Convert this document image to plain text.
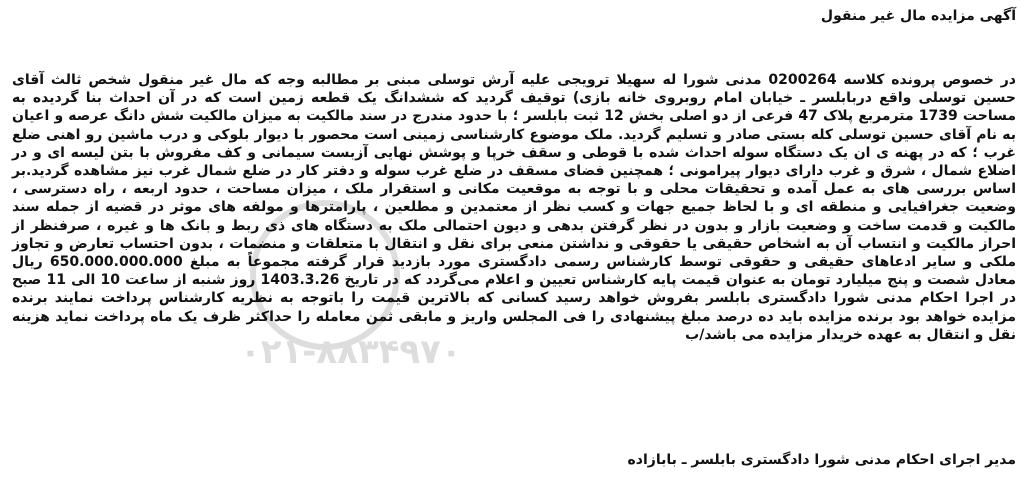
آگهی مزایده مال غیر منقول
در خصوص پرونده کلاسه 0200264 مدنی شورا له سهیلا ترویجی علیه آرش توسلی مبنی بر مطالبه وجه که مال غیر منقول شخص ثالث آقای حسین توسلی واقع دربابلسر ـ خیابان امام روبروی خانه بازی) توقیف گردید که ششدانگ یک قطعه زمین است که در آن احداث بنا گردیده به مساحت 1739 مترمربع پلاک 47 فرعی از دو اصلی بخش 12 ثبت بابلسر ؛ با حدود مندرج در سند مالکیت به میزان مالکیت شش دانگ عرصه و اعیان به نام آقای حسین توسلی کله بستی صادر و تسلیم گردید. ملک موضوع کارشناسی زمینی است محصور با دیوار بلوکی و درب ماشین رو اهنی ضلع غرب ؛ که در پهنه ی ان یک دستگاه سوله احداث شده با قوطی و سقف خرپا و پوشش نهایی آزبست سیمانی و کف مفروش با بتن لیسه ای و در اضلاع شمال ، شرق و غرب دارای دیوار پیرامونی ؛ همچنین فضای مسقف در ضلع غرب سوله و دفتر کار در ضلع شمال غرب نیز مشاهده گردید.بر اساس بررسی های به عمل آمده و تحقیقات محلی و با توجه به موقعیت مکانی و استقرار ملک ، میزان مساحت ، حدود اربعه ، راه دسترسی ، وضعیت جغرافیایی و منطقه ای و با لحاظ جمیع جهات و کسب نظر از معتمدین و مطلعین ، پارامترها و مولفه های موثر در قضیه از جمله سند مالکیت و قدمت ساخت و وضعیت بازار و بدون در نظر گرفتن بدهی و دیون احتمالی ملک به دستگاه های ذی ربط و بانک ها و غیره ، صرفنظر از احراز مالکیت و انتساب آن به اشخاص حقیقی یا حقوقی و نداشتن منعی برای نقل و انتقال با متعلقات و منضمات ، بدون احتساب تعارض و تجاوز ملکی و سایر ادعاهای حقیقی و حقوقی توسط کارشناس رسمی دادگستری مورد بازدید قرار گرفته مجموعاً به مبلغ 650.000.000.000 ریال معادل شصت و پنج میلیارد تومان به عنوان قیمت پایه کارشناس تعیین و اعلام می‌گردد که در تاریخ 1403.3.26 روز شنبه از ساعت 10 الی 11 صبح در اجرا احکام مدنی شورا دادگستری بابلسر بفروش خواهد رسید کسانی که بالاترین قیمت را باتوجه به نظریه کارشناس پرداخت نمایند برنده مزایده خواهد بود برنده مزایده باید ده درصد مبلغ پیشنهادی را فی المجلس واریز و مابقی ثمن معامله را حداکثر ظرف یک ماه پرداخت نماید هزینه نقل و انتقال به عهده خریدار مزایده می باشد/ب
مدیر اجرای احکام مدنی شورا دادگستری بابلسر ـ بابازاده
۰۲۱-۸۸۳۴۹۷۰
